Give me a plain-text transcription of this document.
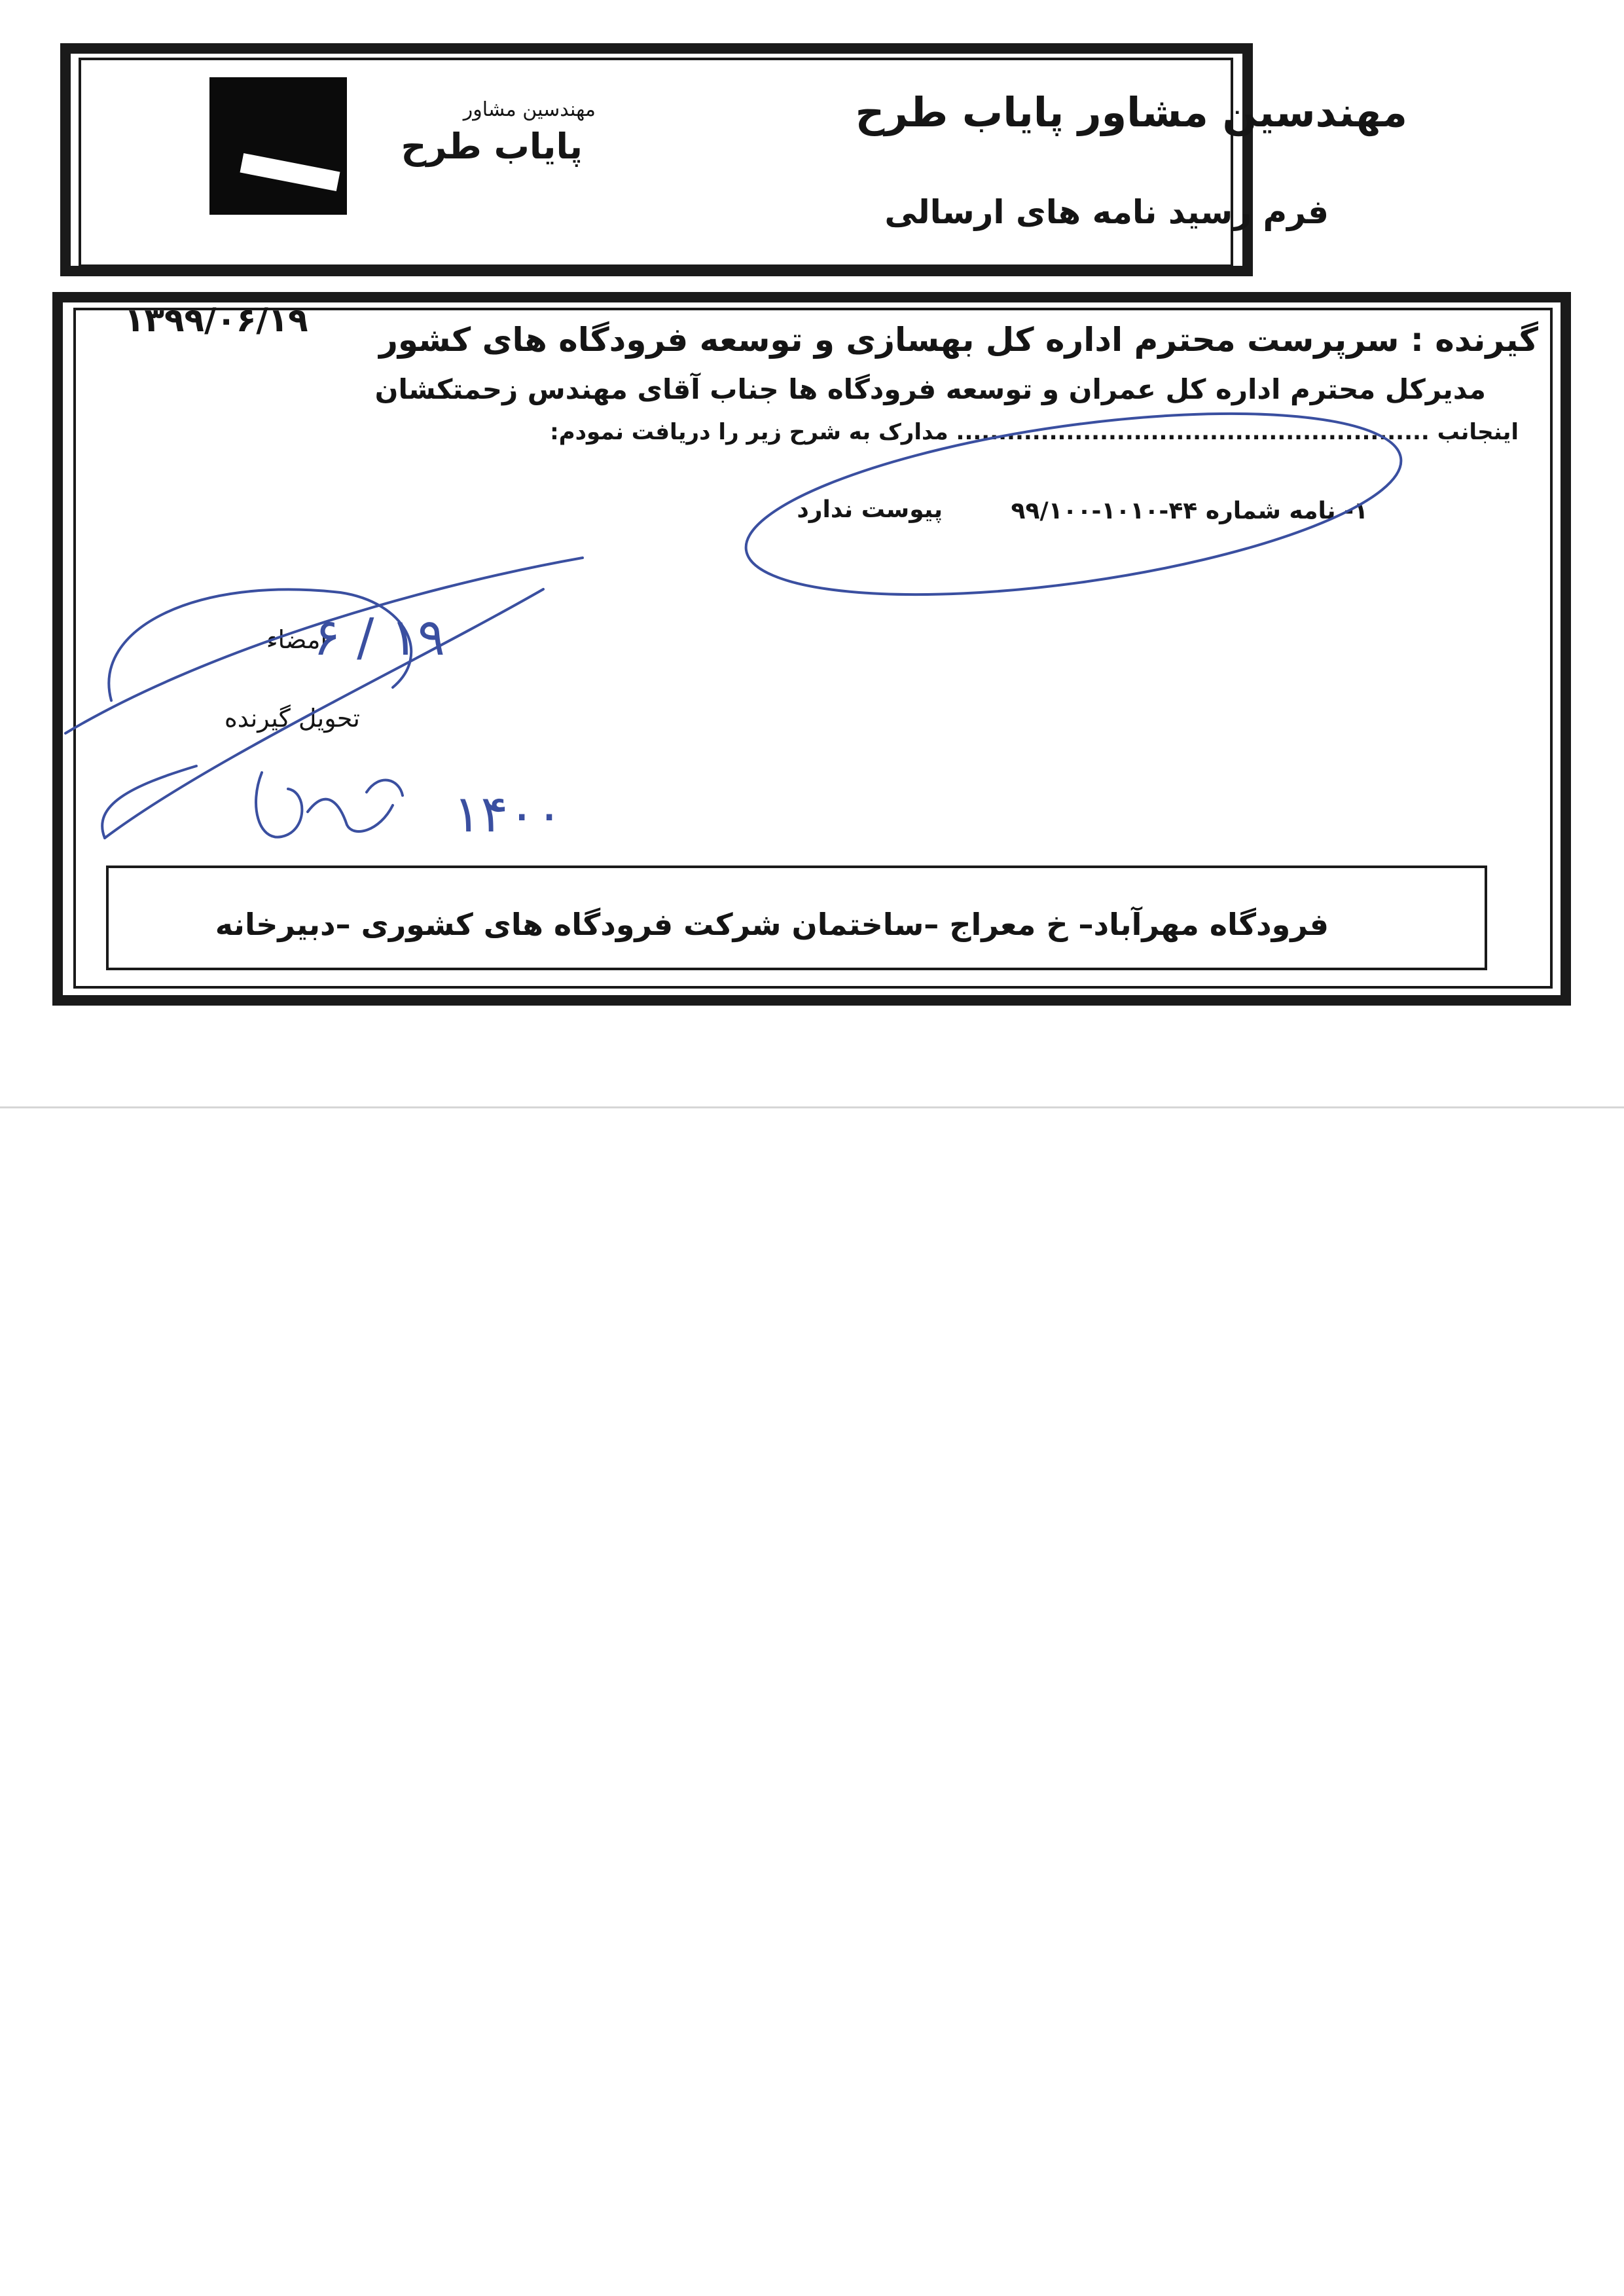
مهندسین مشاور
پایاب طرح
مهندسین مشاور پایاب طرح
فرم رسید نامه های ارسالی
۱۳۹۹/۰۶/۱۹
گیرنده : سرپرست محترم اداره کل بهسازی و توسعه فرودگاه های کشور
مدیرکل محترم اداره کل عمران و توسعه فرودگاه ها جناب آقای مهندس زحمتکشان
اینجانب ........................................................ مدارک به شرح زیر را دریافت نمودم:
۱- نامه شماره ۴۴-۱۰۱۰-۹۹/۱۰۰
پیوست ندارد
امضاء
تحویل گیرنده
۱۹ / ۶
۱۴۰۰
فرودگاه مهرآباد– خ معراج –ساختمان شرکت فرودگاه های کشوری –دبیرخانه
